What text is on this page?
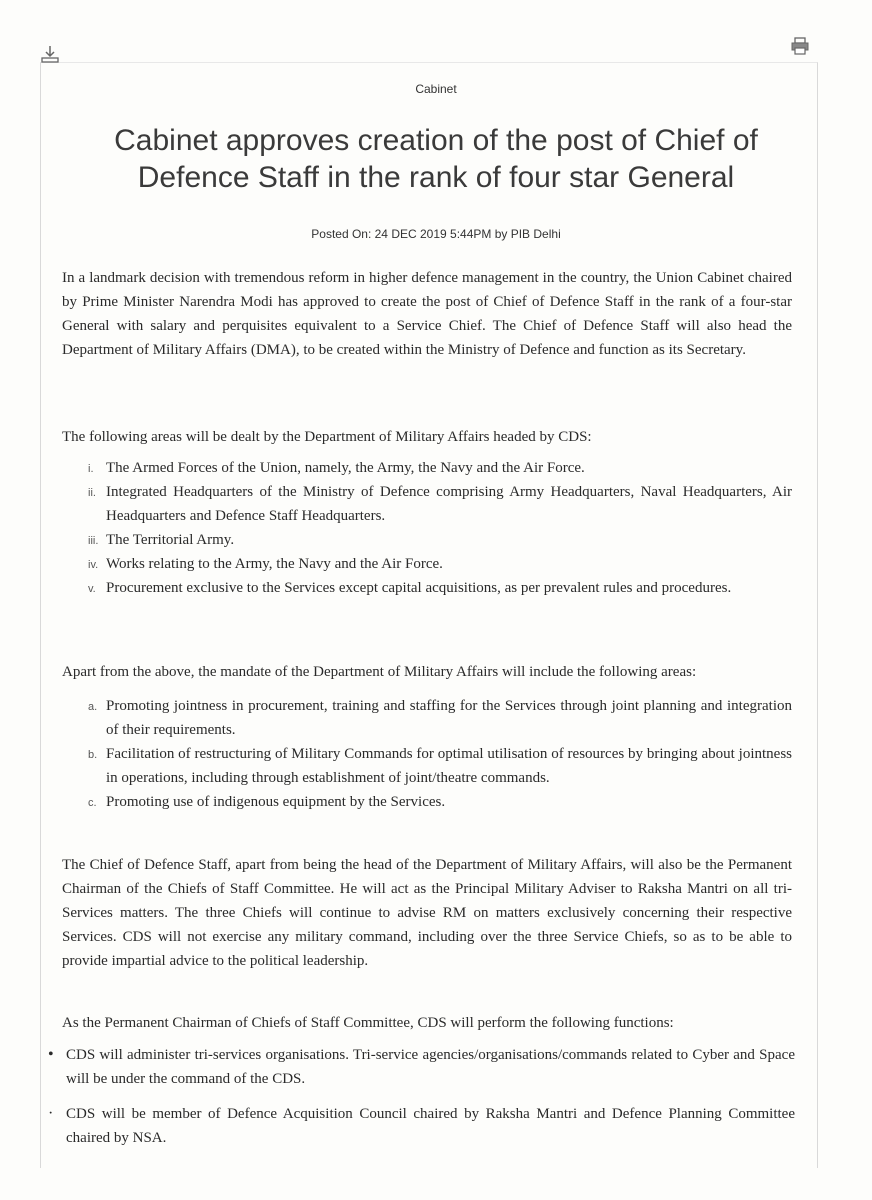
Cabinet
Cabinet approves creation of the post of Chief of Defence Staff in the rank of four star General
Posted On: 24 DEC 2019 5:44PM by PIB Delhi

In a landmark decision with tremendous reform in higher defence management in the country, the Union Cabinet chaired by Prime Minister Narendra Modi has approved to create the post of Chief of Defence Staff in the rank of a four-star General with salary and perquisites equivalent to a Service Chief. The Chief of Defence Staff will also head the Department of Military Affairs (DMA), to be created within the Ministry of Defence and function as its Secretary.

The following areas will be dealt by the Department of Military Affairs headed by CDS:

i. The Armed Forces of the Union, namely, the Army, the Navy and the Air Force.
ii. Integrated Headquarters of the Ministry of Defence comprising Army Headquarters, Naval Headquarters, Air Headquarters and Defence Staff Headquarters.
iii. The Territorial Army.
iv. Works relating to the Army, the Navy and the Air Force.
v. Procurement exclusive to the Services except capital acquisitions, as per prevalent rules and procedures.

Apart from the above, the mandate of the Department of Military Affairs will include the following areas:

a. Promoting jointness in procurement, training and staffing for the Services through joint planning and integration of their requirements.
b. Facilitation of restructuring of Military Commands for optimal utilisation of resources by bringing about jointness in operations, including through establishment of joint/theatre commands.
c. Promoting use of indigenous equipment by the Services.

The Chief of Defence Staff, apart from being the head of the Department of Military Affairs, will also be the Permanent Chairman of the Chiefs of Staff Committee. He will act as the Principal Military Adviser to Raksha Mantri on all tri-Services matters. The three Chiefs will continue to advise RM on matters exclusively concerning their respective Services. CDS will not exercise any military command, including over the three Service Chiefs, so as to be able to provide impartial advice to the political leadership.

As the Permanent Chairman of Chiefs of Staff Committee, CDS will perform the following functions:

• CDS will administer tri-services organisations. Tri-service agencies/organisations/commands related to Cyber and Space will be under the command of the CDS.
· CDS will be member of Defence Acquisition Council chaired by Raksha Mantri and Defence Planning Committee chaired by NSA.
